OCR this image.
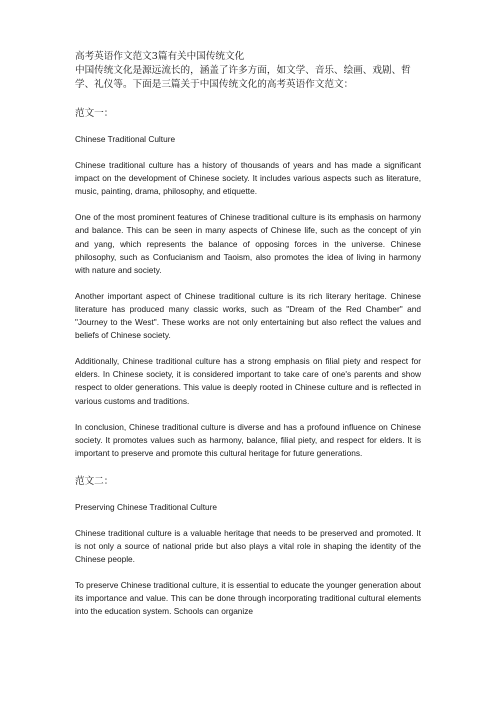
高考英语作文范文3篇有关中国传统文化

中国传统文化是源远流长的，涵盖了许多方面，如文学、音乐、绘画、戏剧、哲学、礼仪等。下面是三篇关于中国传统文化的高考英语作文范文：

范文一：

Chinese Traditional Culture

Chinese traditional culture has a history of thousands of years and has made a significant impact on the development of Chinese society. It includes various aspects such as literature, music, painting, drama, philosophy, and etiquette.

One of the most prominent features of Chinese traditional culture is its emphasis on harmony and balance. This can be seen in many aspects of Chinese life, such as the concept of yin and yang, which represents the balance of opposing forces in the universe. Chinese philosophy, such as Confucianism and Taoism, also promotes the idea of living in harmony with nature and society.

Another important aspect of Chinese traditional culture is its rich literary heritage. Chinese literature has produced many classic works, such as "Dream of the Red Chamber" and "Journey to the West". These works are not only entertaining but also reflect the values and beliefs of Chinese society.

Additionally, Chinese traditional culture has a strong emphasis on filial piety and respect for elders. In Chinese society, it is considered important to take care of one's parents and show respect to older generations. This value is deeply rooted in Chinese culture and is reflected in various customs and traditions.

In conclusion, Chinese traditional culture is diverse and has a profound influence on Chinese society. It promotes values such as harmony, balance, filial piety, and respect for elders. It is important to preserve and promote this cultural heritage for future generations.

范文二：

Preserving Chinese Traditional Culture

Chinese traditional culture is a valuable heritage that needs to be preserved and promoted. It is not only a source of national pride but also plays a vital role in shaping the identity of the Chinese people.

To preserve Chinese traditional culture, it is essential to educate the younger generation about its importance and value. This can be done through incorporating traditional cultural elements into the education system. Schools can organize
